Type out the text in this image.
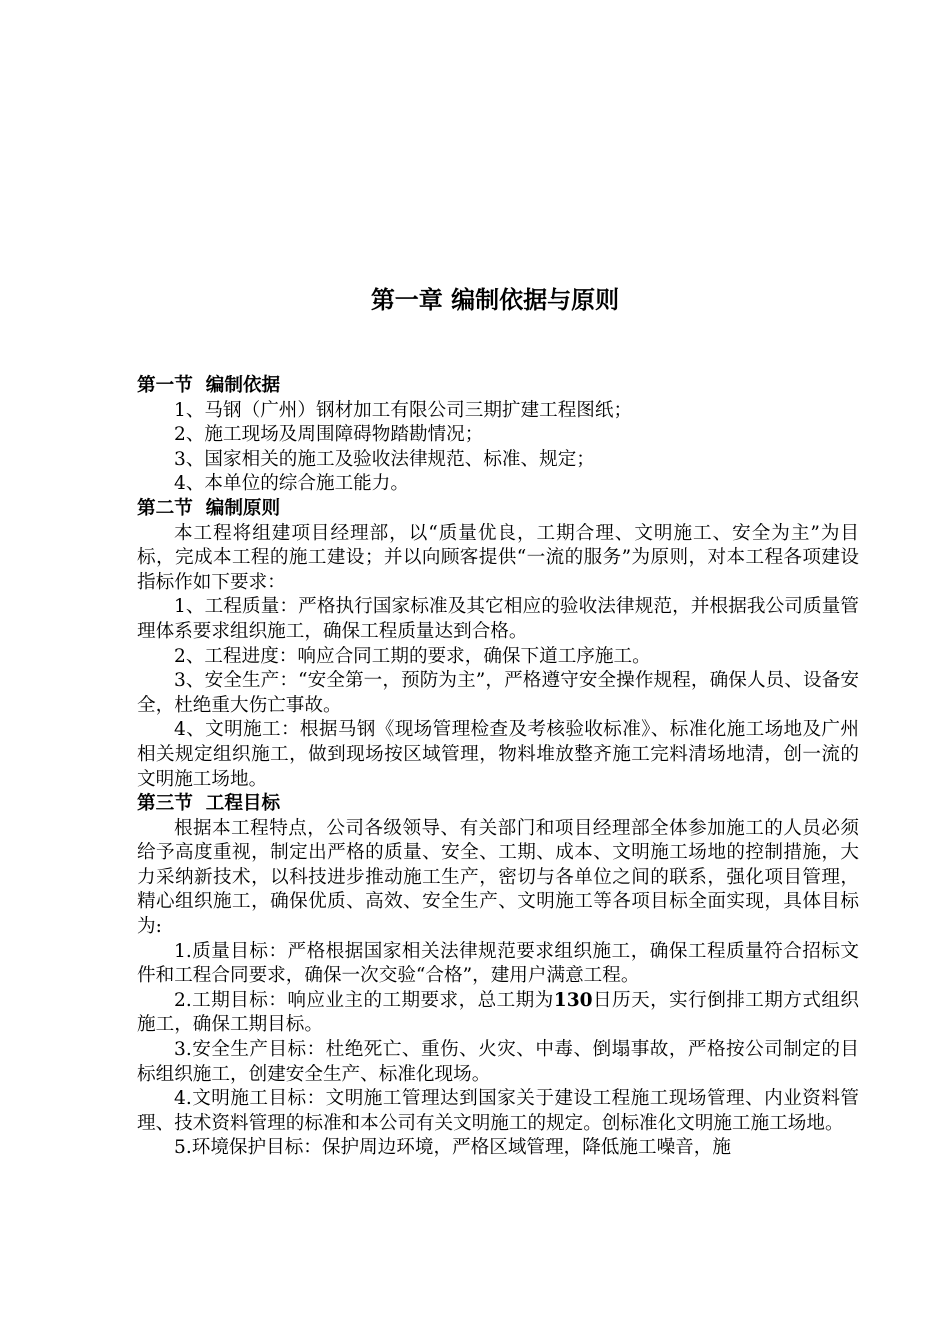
第一章 编制依据与原则
第一节  编制依据
1、马钢（广州）钢材加工有限公司三期扩建工程图纸；
2、施工现场及周围障碍物踏勘情况；
3、国家相关的施工及验收法律规范、标准、规定；
4、本单位的综合施工能力。
第二节  编制原则
本工程将组建项目经理部，以“质量优良，工期合理、文明施工、安全为主”为目标，完成本工程的施工建设；并以向顾客提供“一流的服务”为原则，对本工程各项建设指标作如下要求：
1、工程质量：严格执行国家标准及其它相应的验收法律规范，并根据我公司质量管理体系要求组织施工，确保工程质量达到合格。
2、工程进度：响应合同工期的要求，确保下道工序施工。
3、安全生产：“安全第一，预防为主”，严格遵守安全操作规程，确保人员、设备安全，杜绝重大伤亡事故。
4、文明施工：根据马钢《现场管理检查及考核验收标准》、标准化施工场地及广州相关规定组织施工，做到现场按区域管理，物料堆放整齐施工完料清场地清，创一流的文明施工场地。
第三节  工程目标
根据本工程特点，公司各级领导、有关部门和项目经理部全体参加施工的人员必须给予高度重视，制定出严格的质量、安全、工期、成本、文明施工场地的控制措施，大力采纳新技术，以科技进步推动施工生产，密切与各单位之间的联系，强化项目管理，精心组织施工，确保优质、高效、安全生产、文明施工等各项目标全面实现，具体目标为:
1.质量目标：严格根据国家相关法律规范要求组织施工，确保工程质量符合招标文件和工程合同要求，确保一次交验“合格”，建用户满意工程。
2.工期目标：响应业主的工期要求，总工期为130日历天，实行倒排工期方式组织施工，确保工期目标。
3.安全生产目标：杜绝死亡、重伤、火灾、中毒、倒塌事故，严格按公司制定的目标组织施工，创建安全生产、标准化现场。
4.文明施工目标：文明施工管理达到国家关于建设工程施工现场管理、内业资料管理、技术资料管理的标准和本公司有关文明施工的规定。创标准化文明施工施工场地。
5.环境保护目标：保护周边环境，严格区域管理，降低施工噪音，施
